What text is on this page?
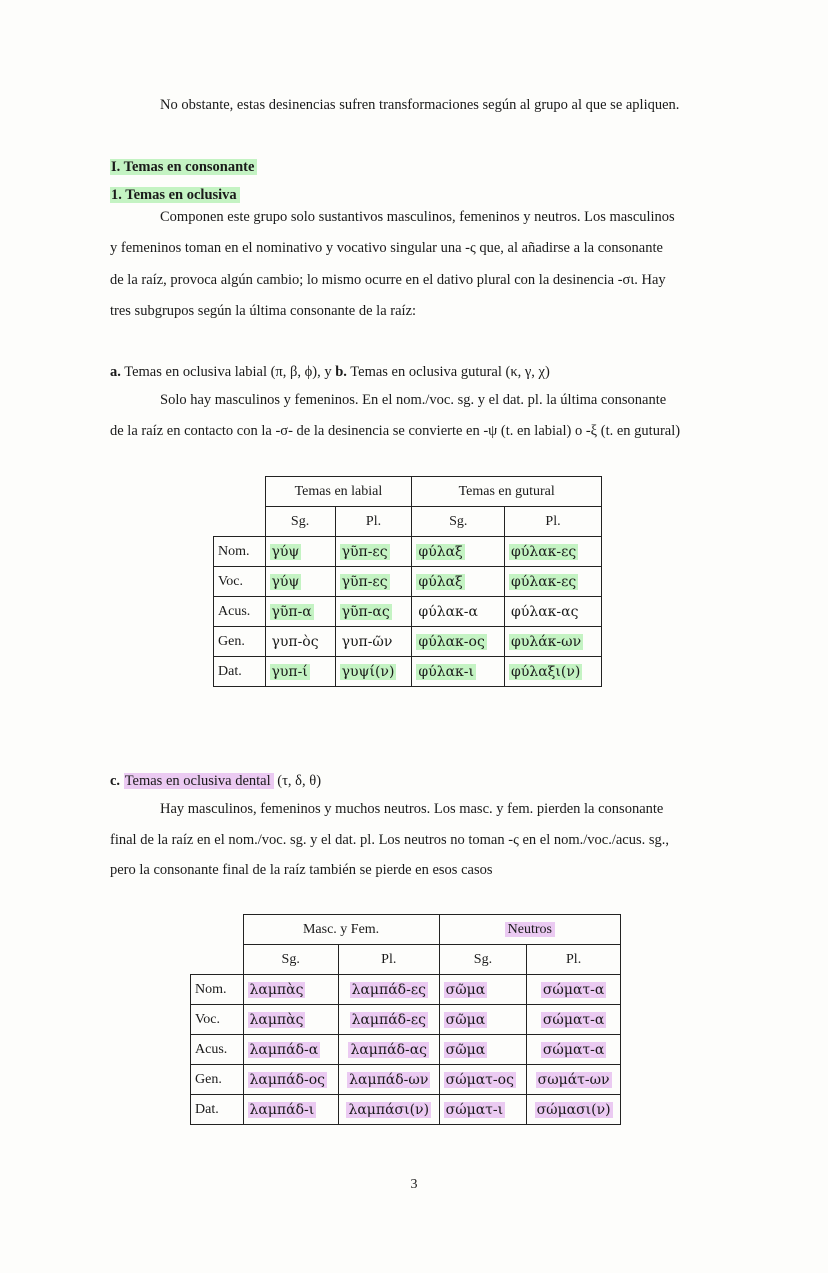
No obstante, estas desinencias sufren transformaciones según al grupo al que se apliquen.
I. Temas en consonante
1. Temas en oclusiva
Componen este grupo solo sustantivos masculinos, femeninos y neutros. Los masculinos
y femeninos toman en el nominativo y vocativo singular una -ς que, al añadirse a la consonante
de la raíz, provoca algún cambio; lo mismo ocurre en el dativo plural con la desinencia -σι. Hay
tres subgrupos según la última consonante de la raíz:
a. Temas en oclusiva labial (π, β, ϕ), y b. Temas en oclusiva gutural (κ, γ, χ)
Solo hay masculinos y femeninos. En el nom./voc. sg. y el dat. pl. la última consonante
de la raíz en contacto con la -σ- de la desinencia se convierte en -ψ (t. en labial) o -ξ (t. en gutural)
	Temas en labial		Temas en gutural	
	Sg.	Pl.	Sg.	Pl.
Nom.	γύψ	γῦπ-ες	φύλαξ	φύλακ-ες
Voc.	γύψ	γῦπ-ες	φύλαξ	φύλακ-ες
Acus.	γῦπ-α	γῦπ-ας	φύλακ-α	φύλακ-ας
Gen.	γυπ-ὸς	γυπ-ῶν	φύλακ-ος	φυλάκ-ων
Dat.	γυπ-ί	γυψί(ν)	φύλακ-ι	φύλαξι(ν)
c. Temas en oclusiva dental (τ, δ, θ)
Hay masculinos, femeninos y muchos neutros. Los masc. y fem. pierden la consonante
final de la raíz en el nom./voc. sg. y el dat. pl. Los neutros no toman -ς en el nom./voc./acus. sg.,
pero la consonante final de la raíz también se pierde en esos casos
	Masc. y Fem.		Neutros	
	Sg.	Pl.	Sg.	Pl.
Nom.	λαμπὰς	λαμπάδ-ες	σῶμα	σώματ-α
Voc.	λαμπὰς	λαμπάδ-ες	σῶμα	σώματ-α
Acus.	λαμπάδ-α	λαμπάδ-ας	σῶμα	σώματ-α
Gen.	λαμπάδ-ος	λαμπάδ-ων	σώματ-ος	σωμάτ-ων
Dat.	λαμπάδ-ι	λαμπάσι(ν)	σώματ-ι	σώμασι(ν)
3
